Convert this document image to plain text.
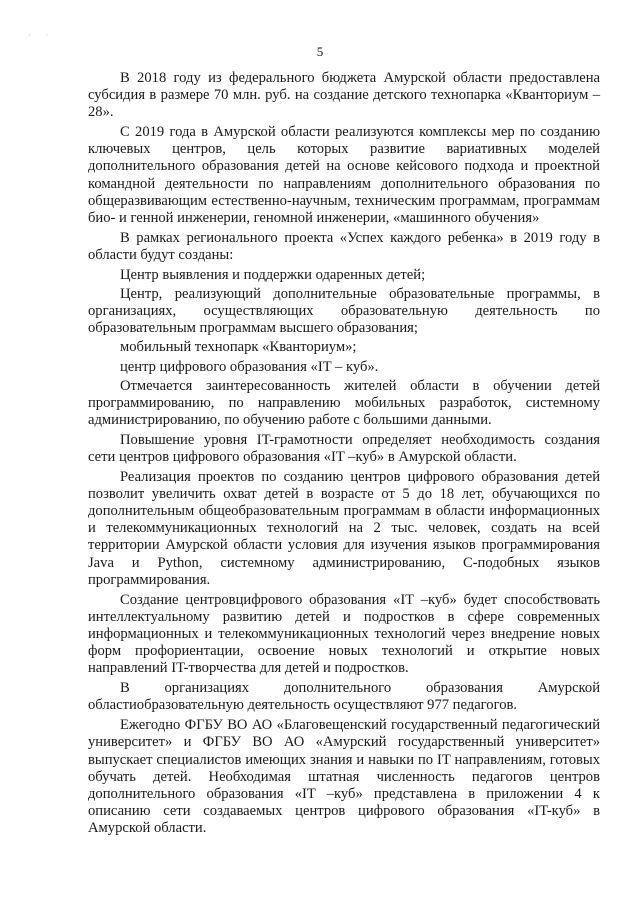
· ·
5

В 2018 году из федерального бюджета Амурской области предоставлена субсидия в размере 70 млн. руб. на создание детского технопарка «Кванториум – 28».

С 2019 года в Амурской области реализуются комплексы мер по созданию ключевых центров, цель которых развитие вариативных моделей дополнительного образования детей на основе кейсового подхода и проектной командной деятельности по направлениям дополнительного образования по общеразвивающим естественно-научным, техническим программам, программам био- и генной инженерии, геномной инженерии, «машинного обучения»

В рамках регионального проекта «Успех каждого ребенка» в 2019 году в области будут созданы:

Центр выявления и поддержки одаренных детей;

Центр, реализующий дополнительные образовательные программы, в организациях, осуществляющих образовательную деятельность по образовательным программам высшего образования;

мобильный технопарк «Кванториум»;

центр цифрового образования «IT – куб».

Отмечается заинтересованность жителей области в обучении детей программированию, по направлению мобильных разработок, системному администрированию, по обучению работе с большими данными.

Повышение уровня IT-грамотности определяет необходимость создания сети центров цифрового образования «IT –куб» в Амурской области.

Реализация проектов по созданию центров цифрового образования детей позволит увеличить охват детей в возрасте от 5 до 18 лет, обучающихся по дополнительным общеобразовательным программам в области информационных и телекоммуникационных технологий на 2 тыс. человек, создать на всей территории Амурской области условия для изучения языков программирования Java и Python, системному администрированию, С-подобных языков программирования.

Создание центровцифрового образования «IT –куб» будет способствовать интеллектуальному развитию детей и подростков в сфере современных информационных и телекоммуникационных технологий через внедрение новых форм профориентации, освоение новых технологий и открытие новых направлений IT-творчества для детей и подростков.

В организациях дополнительного образования Амурской областиобразовательную деятельность осуществляют 977 педагогов.

Ежегодно ФГБУ ВО АО «Благовещенский государственный педагогический университет» и ФГБУ ВО АО «Амурский государственный университет» выпускает специалистов имеющих знания и навыки по IT направлениям, готовых обучать детей. Необходимая штатная численность педагогов центров дополнительного образования «IT –куб» представлена в приложении 4 к описанию сети создаваемых центров цифрового образования «IT-куб» в Амурской области.
